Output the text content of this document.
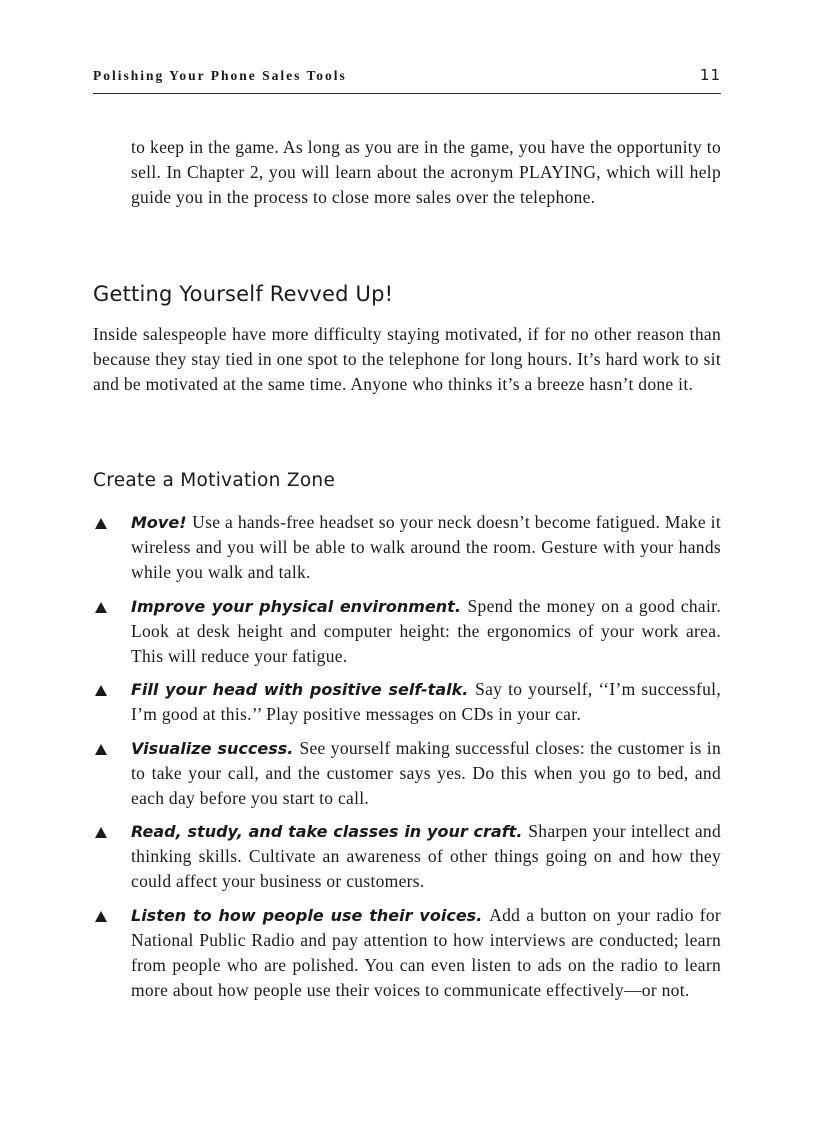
Polishing Your Phone Sales Tools	11

to keep in the game. As long as you are in the game, you have the opportunity to sell. In Chapter 2, you will learn about the acronym PLAYING, which will help guide you in the process to close more sales over the telephone.

Getting Yourself Revved Up!

Inside salespeople have more difficulty staying motivated, if for no other reason than because they stay tied in one spot to the telephone for long hours. It’s hard work to sit and be motivated at the same time. Anyone who thinks it’s a breeze hasn’t done it.

Create a Motivation Zone
Move! Use a hands-free headset so your neck doesn’t become fatigued. Make it wireless and you will be able to walk around the room. Gesture with your hands while you walk and talk.
Improve your physical environment. Spend the money on a good chair. Look at desk height and computer height: the ergonomics of your work area. This will reduce your fatigue.
Fill your head with positive self-talk. Say to yourself, ‘‘I’m successful, I’m good at this.’’ Play positive messages on CDs in your car.
Visualize success. See yourself making successful closes: the customer is in to take your call, and the customer says yes. Do this when you go to bed, and each day before you start to call.
Read, study, and take classes in your craft. Sharpen your intellect and thinking skills. Cultivate an awareness of other things going on and how they could affect your business or customers.
Listen to how people use their voices. Add a button on your radio for National Public Radio and pay attention to how interviews are conducted; learn from people who are polished. You can even listen to ads on the radio to learn more about how people use their voices to communicate effectively—or not.
